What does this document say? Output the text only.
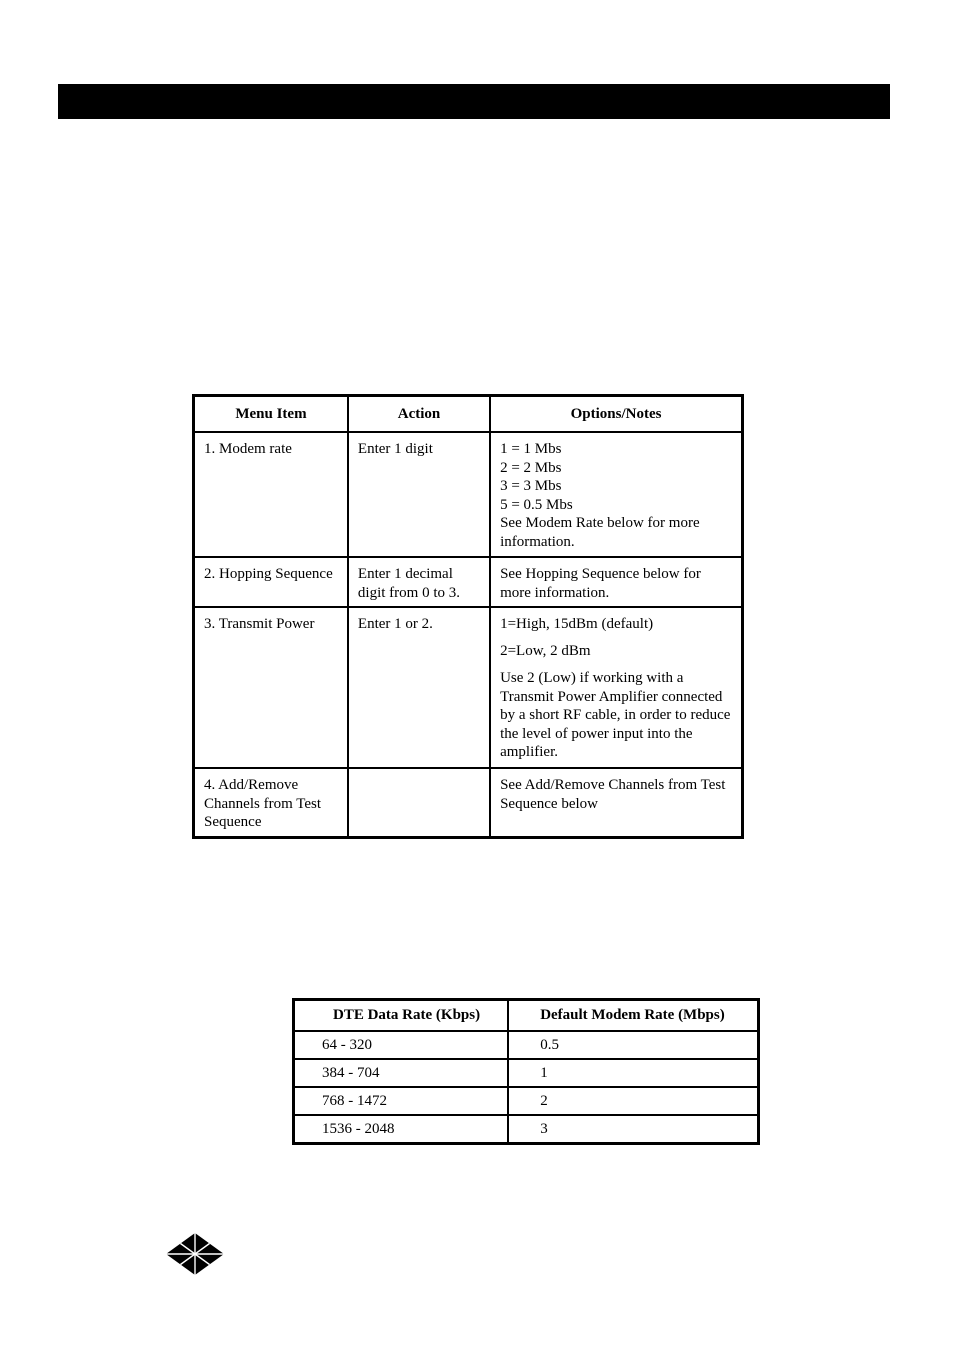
Menu Item	Action	Options/Notes

1. Modem rate	Enter 1 digit	1 = 1 Mbs
2 = 2 Mbs
3 = 3 Mbs
5 = 0.5 Mbs
See Modem Rate below for more information.

2. Hopping Sequence	Enter 1 decimal digit from 0 to 3.	See Hopping Sequence below for more information.

3. Transmit Power	Enter 1 or 2.	1=High, 15dBm (default)
2=Low, 2 dBm
Use 2 (Low) if working with a Transmit Power Amplifier connected by a short RF cable, in order to reduce the level of power input into the amplifier.

4. Add/Remove Channels from Test Sequence		See Add/Remove Channels from Test Sequence below
DTE Data Rate (Kbps)	Default Modem Rate (Mbps)
64 - 320	0.5
384 - 704	1
768 - 1472	2
1536 - 2048	3
